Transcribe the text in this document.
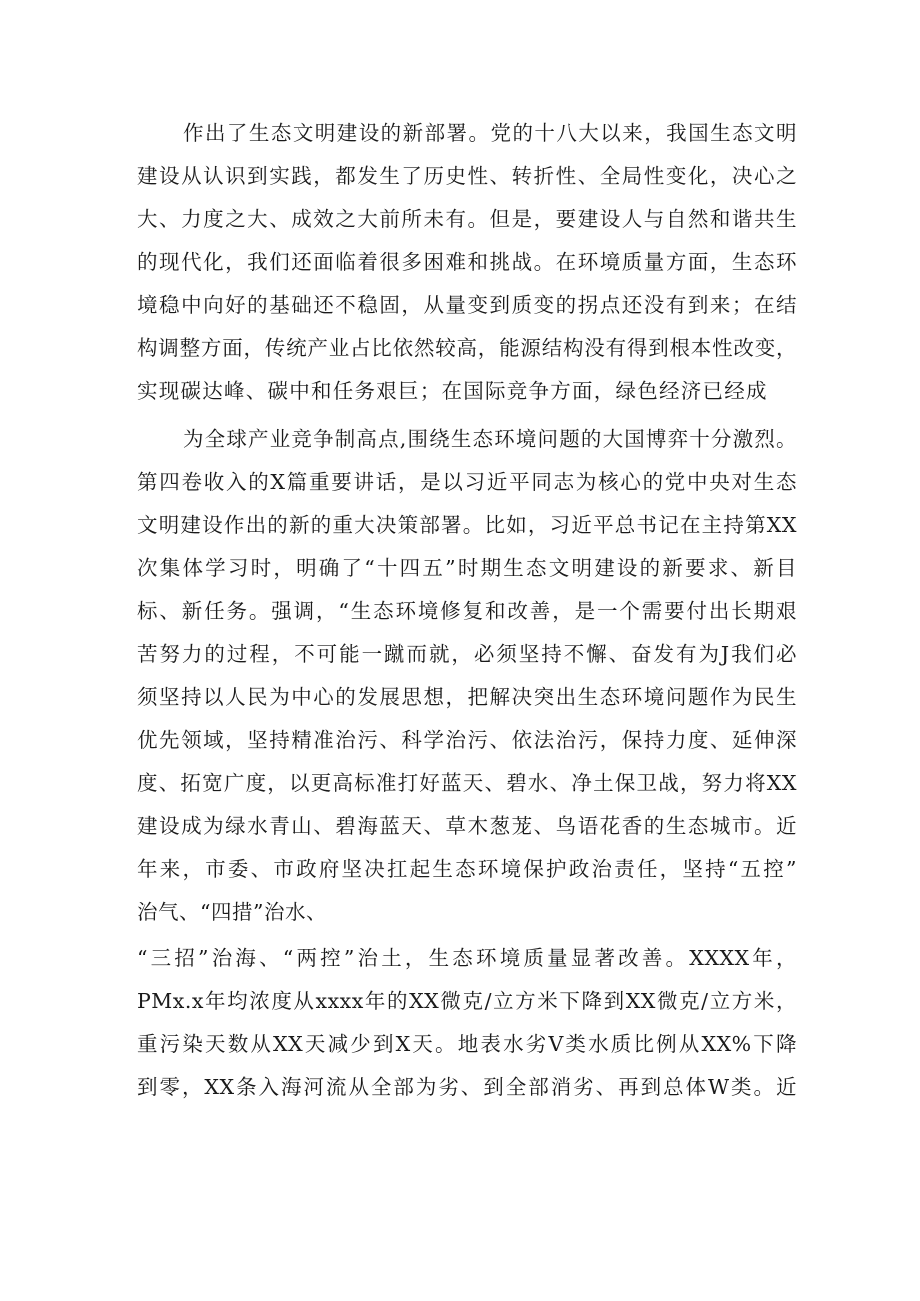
作出了生态文明建设的新部署。党的十八大以来，我国生态文明
建设从认识到实践，都发生了历史性、转折性、全局性变化，决心之
大、力度之大、成效之大前所未有。但是，要建设人与自然和谐共生
的现代化，我们还面临着很多困难和挑战。在环境质量方面，生态环
境稳中向好的基础还不稳固，从量变到质变的拐点还没有到来；在结
构调整方面，传统产业占比依然较高，能源结构没有得到根本性改变，
实现碳达峰、碳中和任务艰巨；在国际竞争方面，绿色经济已经成
为全球产业竞争制高点,围绕生态环境问题的大国博弈十分激烈。
第四卷收入的X篇重要讲话，是以习近平同志为核心的党中央对生态
文明建设作出的新的重大决策部署。比如，习近平总书记在主持第XX
次集体学习时，明确了“十四五”时期生态文明建设的新要求、新目
标、新任务。强调，“生态环境修复和改善，是一个需要付出长期艰
苦努力的过程，不可能一蹴而就，必须坚持不懈、奋发有为J我们必
须坚持以人民为中心的发展思想，把解决突出生态环境问题作为民生
优先领域，坚持精准治污、科学治污、依法治污，保持力度、延伸深
度、拓宽广度，以更高标准打好蓝天、碧水、净土保卫战，努力将XX
建设成为绿水青山、碧海蓝天、草木葱茏、鸟语花香的生态城市。近
年来，市委、市政府坚决扛起生态环境保护政治责任，坚持“五控”
治气、“四措”治水、
“三招”治海、“两控”治土，生态环境质量显著改善。XXXX年，
PMx.x年均浓度从xxxx年的XX微克/立方米下降到XX微克/立方米，
重污染天数从XX天减少到X天。地表水劣V类水质比例从XX%下降
到零，XX条入海河流从全部为劣、到全部消劣、再到总体W类。近
